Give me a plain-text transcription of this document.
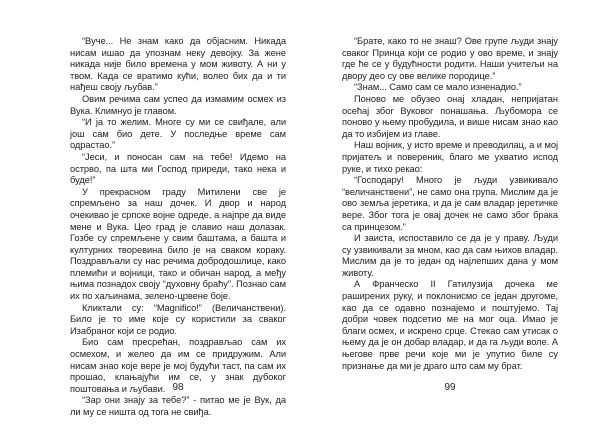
“Вуче... Не знам како да објасним. Никада нисам ишао да упознам неку девојку. За жене никада није било времена у мом животу. А ни у твом. Када се вратимо кући, волео бих да и ти нађеш своју љубав.”

Овим речима сам успео да измамим осмех из Вука. Климнуо је главом.

“И ја то желим. Многе су ми се свиђале, али још сам био дете. У последње време сам одрастао.”

“Јеси, и поносан сам на тебе! Идемо на острво, па шта ми Господ приреди, тако нека и буде!”

У прекрасном граду Митилени све је спремљено за наш дочек. И двор и народ очекиваo је српске војне одреде, а најпре да виде мене и Вука. Цео град је славио наш долазак. Гозбе су спремљене у свим баштама, а башта и културних творевина било је на сваком кораку. Поздрављали су нас речима добродошлице, како племићи и војници, тако и обичан народ, а међу њима познадох свoју “духовну браћу”. Познао сам их по хаљинама, зелено-црвене боје.

Кликтали су: “Magnifico!” (Величанствени). Било је то име које су користили за сваког Изабраног који се родио.

Био сам пресрећан, поздрављао сам их осмехом, и желео да им се придружим. Али нисам знао које вере је мој будући таст, па сам их прошао, клањајући им се, у знак дубоког поштовања и љубави.

“Зар они знају за тебе?” - питао ме је Вук, да ли му се ништа од тога не свиђа.

98

“Брате, како то не знаш? Ове групе људи знају сваког Принца који се родио у ово време, и знају где ће се у будућности родити. Наши учитељи на двору део су ове велике породице.”

“Знам... Само сам се мало изненадио.”

Поново ме обузео онај хладан, непријатан осећај због Вуковог понашања. Љубомора се поново у њему пробудила, и више нисам знао као да то избијем из главе.

Наш војник, у исто време и преводилац, а и мој пријатељ и повереник, благо ме ухватио испод руке, и тихо рекао:

“Господару! Много је људи узвикивало “величанствени”, не само она група. Мислим да је ово земља јеретика, и да је сам владар јеретичке вере. Због тога је овај дочек не само због брака са принцезом.”

И заиста, испоставило се да је у праву. Људи су узвикивали за мном, као да сам њихов владар. Мислим да је то један од најлепших дана у мом животу.

А Франческо II Гатилузија дочека ме раширених руку, и поклонисмо се један другоме, као да се одавно познајемо и поштујемо. Тај добри човек подсетио ме на мог оца. Имао је благи осмех, и искрено срце. Стекао сам утисак о њему да је он добар владар, и да га људи воле. А његове прве речи које ми је упутио биле су признање да ми је драго што сам му брат.

99
